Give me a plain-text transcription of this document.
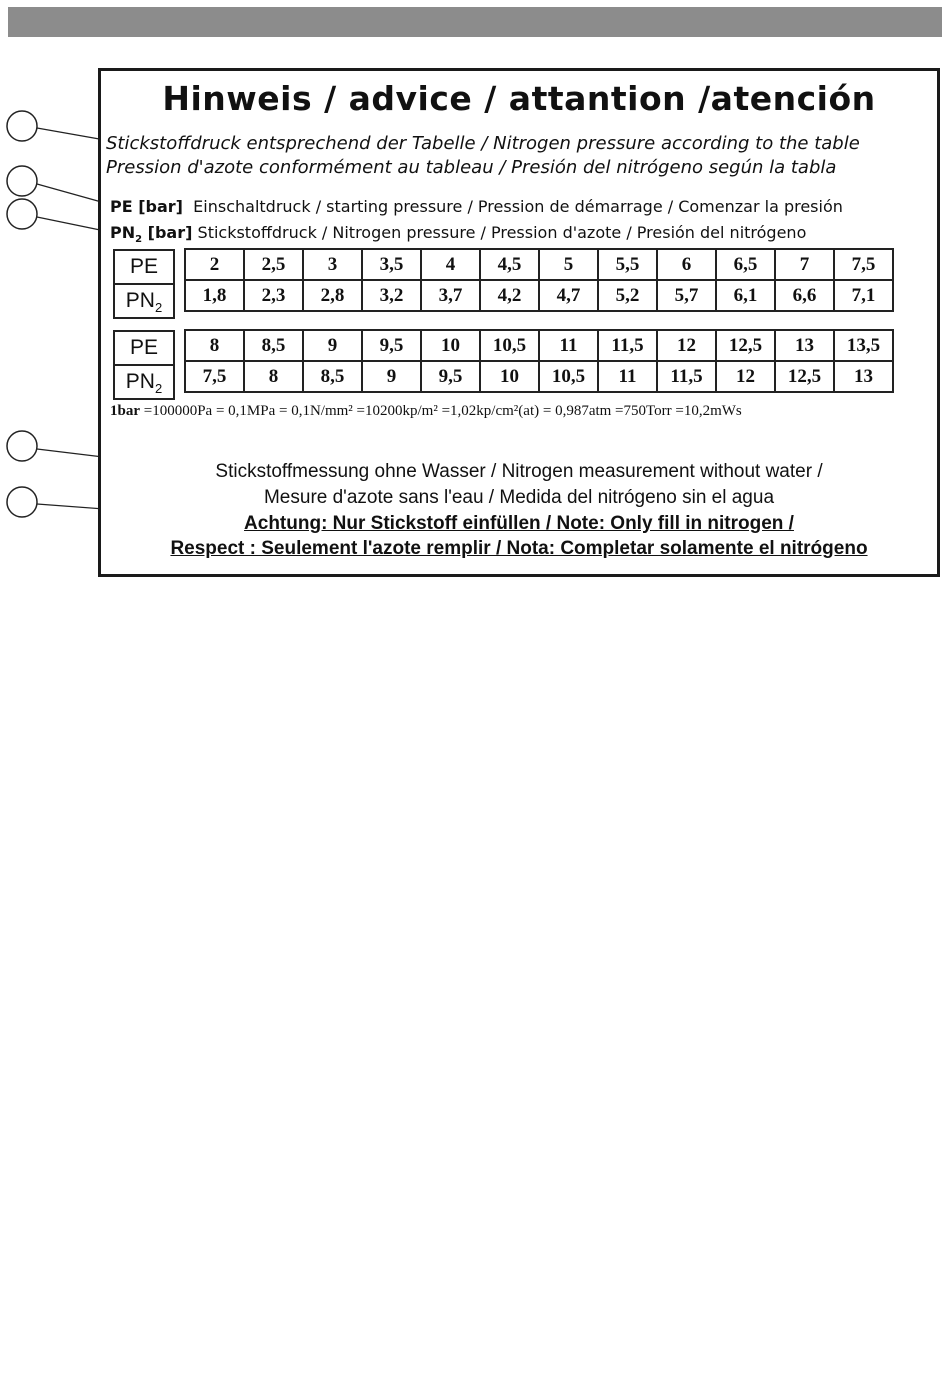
Hinweis / advice / attantion /atención
Stickstoffdruck entsprechend der Tabelle / Nitrogen pressure according to the table
Pression d'azote conformément au tableau / Presión del nitrógeno según la tabla
PE [bar] Einschaltdruck / starting pressure / Pression de démarrage / Comenzar la presión
$PN_2$ [bar] Stickstoffdruck / Nitrogen pressure / Pression d'azote / Presión del nitrógeno
PE
$PN_2$
2	2,5	3	3,5	4	4,5	5	5,5	6	6,5	7	7,5
1,8	2,3	2,8	3,2	3,7	4,2	4,7	5,2	5,7	6,1	6,6	7,1
PE
$PN_2$
8	8,5	9	9,5	10	10,5	11	11,5	12	12,5	13	13,5
7,5	8	8,5	9	9,5	10	10,5	11	11,5	12	12,5	13
1bar =100000Pa = 0,1MPa = 0,1N/mm² =10200kp/m² =1,02kp/cm²(at) = 0,987atm =750Torr =10,2mWs
Stickstoffmessung ohne Wasser / Nitrogen measurement without water /
Mesure d'azote sans l'eau / Medida del nitrógeno sin el agua
Achtung: Nur Stickstoff einfüllen / Note: Only fill in nitrogen /
Respect : Seulement l'azote remplir / Nota: Completar solamente el nitrógeno
